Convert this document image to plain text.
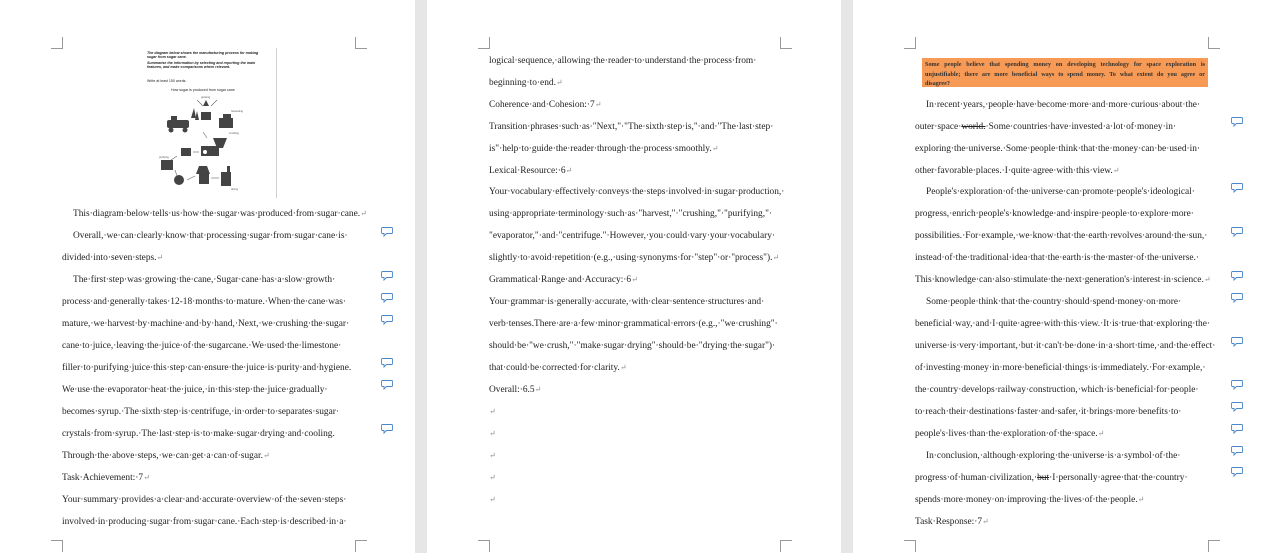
The diagram below shows the manufacturing process for making
sugar from sugar cane.
Summarise the information by selecting and reporting the main
features, and make comparisons where relevant.
Write at least 150 words.
How sugar is produced from sugar cane
growing
harvesting
crushing
purifying
drying
This·diagram·below·tells·us·how·the·sugar·was·produced·from·sugar·cane.↵
Overall,·we·can·clearly·know·that·processing·sugar·from·sugar·cane·is·
divided·into·seven·steps.↵
The·first·step·was·growing·the·cane,·Sugar·cane·has·a·slow·growth·
process·and·generally·takes·12-18·months·to·mature.·When·the·cane·was·
mature,·we·harvest·by·machine·and·by·hand,·Next,·we·crushing·the·sugar·
cane·to·juice,·leaving·the·juice·of·the·sugarcane.·We·used·the·limestone·
filler·to·purifying·juice·this·step·can·ensure·the·juice·is·purity·and·hygiene.
We·use·the·evaporator·heat·the·juice,·in·this·step·the·juice·gradually·
becomes·syrup.·The·sixth·step·is·centrifuge,·in·order·to·separates·sugar·
crystals·from·syrup.·The·last·step·is·to·make·sugar·drying·and·cooling.
Through·the·above·steps,·we·can·get·a·can·of·sugar.↵
Task·Achievement:·7↵
Your·summary·provides·a·clear·and·accurate·overview·of·the·seven·steps·
involved·in·producing·sugar·from·sugar·cane.·Each·step·is·described·in·a·
logical·sequence,·allowing·the·reader·to·understand·the·process·from·
beginning·to·end.↵
Coherence·and·Cohesion:·7↵
Transition·phrases·such·as·"Next,"·"The·sixth·step·is,"·and·"The·last·step·
is"·help·to·guide·the·reader·through·the·process·smoothly.↵
Lexical·Resource:·6↵
Your·vocabulary·effectively·conveys·the·steps·involved·in·sugar·production,·
using·appropriate·terminology·such·as·"harvest,"·"crushing,"·"purifying,"·
"evaporator,"·and·"centrifuge."·However,·you·could·vary·your·vocabulary·
slightly·to·avoid·repetition·(e.g.,·using·synonyms·for·"step"·or·"process").↵
Grammatical·Range·and·Accuracy:·6↵
Your·grammar·is·generally·accurate,·with·clear·sentence·structures·and·
verb·tenses.There·are·a·few·minor·grammatical·errors·(e.g.,·"we·crushing"·
should·be·"we·crush,"·"make·sugar·drying"·should·be·"drying·the·sugar")·
that·could·be·corrected·for·clarity.↵
Overall:·6.5↵
↵
↵
↵
↵
↵
In·recent·years,·people·have·become·more·and·more·curious·about·the·
outer·space·world.·Some·countries·have·invested·a·lot·of·money·in·
exploring·the·universe.·Some·people·think·that·the·money·can·be·used·in·
other·favorable·places.·I·quite·agree·with·this·view.↵
People's·exploration·of·the·universe·can·promote·people's·ideological·
progress,·enrich·people's·knowledge·and·inspire·people·to·explore·more·
possibilities.·For·example,·we·know·that·the·earth·revolves·around·the·sun,·
instead·of·the·traditional·idea·that·the·earth·is·the·master·of·the·universe.·
This·knowledge·can·also·stimulate·the·next·generation's·interest·in·science.↵
Some·people·think·that·the·country·should·spend·money·on·more·
beneficial·way,·and·I·quite·agree·with·this·view.·It·is·true·that·exploring·the·
universe·is·very·important,·but·it·can't·be·done·in·a·short·time,·and·the·effect·
of·investing·money·in·more·beneficial·things·is·immediately.·For·example,·
the·country·develops·railway·construction,·which·is·beneficial·for·people·
to·reach·their·destinations·faster·and·safer,·it·brings·more·benefits·to·
people's·lives·than·the·exploration·of·the·space.↵
In·conclusion,·although·exploring·the·universe·is·a·symbol·of·the·
progress·of·human·civilization,·but·I·personally·agree·that·the·country·
spends·more·money·on·improving·the·lives·of·the·people.↵
Task·Response:·7↵
Some people believe that spending money on developing technology for space exploration is
unjustifiable; there are more beneficial ways to spend money. To what extent do you agree or
disagree?
